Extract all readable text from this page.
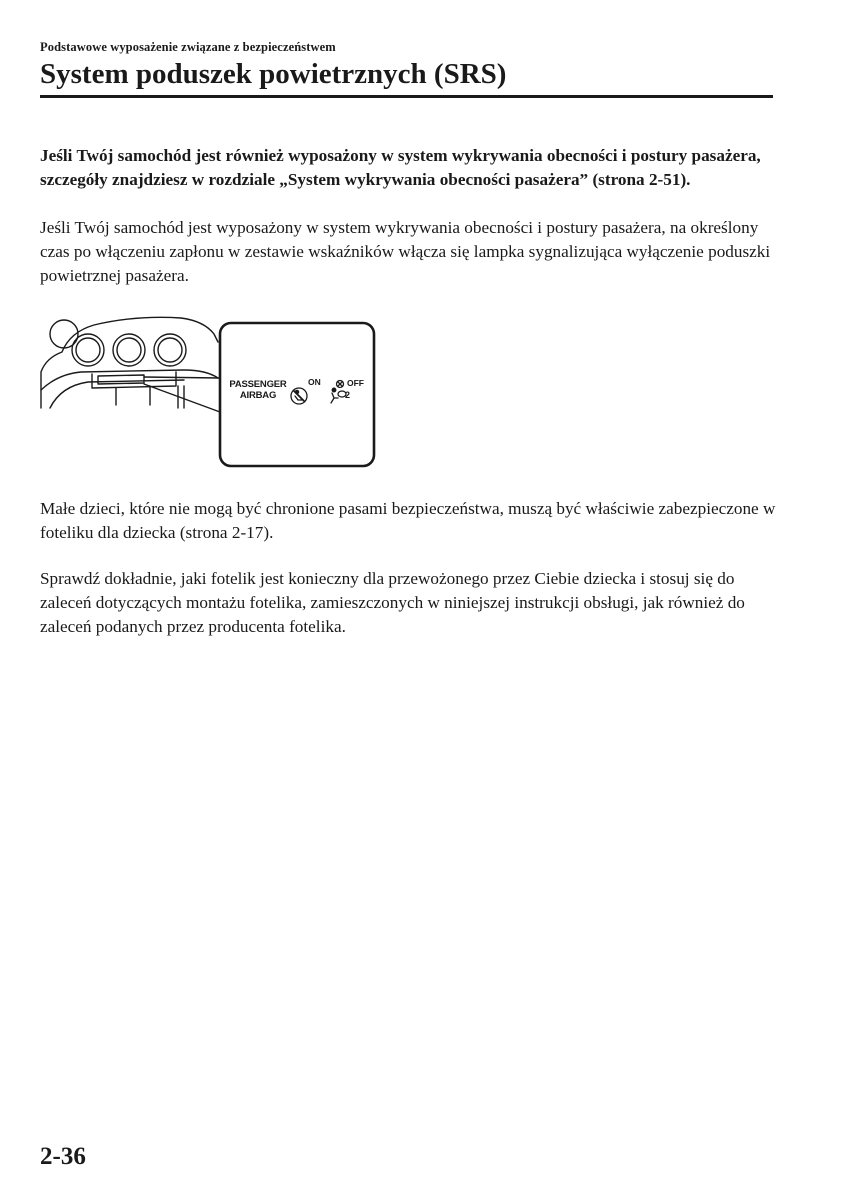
Podstawowe wyposażenie związane z bezpieczeństwem
System poduszek powietrznych (SRS)
Jeśli Twój samochód jest również wyposażony w system wykrywania obecności i postury pasażera, szczegóły znajdziesz w rozdziale „System wykrywania obecności pasażera” (strona 2-51).
Jeśli Twój samochód jest wyposażony w system wykrywania obecności i postury pasażera, na określony czas po włączeniu zapłonu w zestawie wskaźników włącza się lampka sygnalizująca wyłączenie poduszki powietrznej pasażera.
PASSENGER
AIRBAG
ON	OFF
2
Małe dzieci, które nie mogą być chronione pasami bezpieczeństwa, muszą być właściwie zabezpieczone w foteliku dla dziecka (strona 2-17).
Sprawdź dokładnie, jaki fotelik jest konieczny dla przewożonego przez Ciebie dziecka i stosuj się do zaleceń dotyczących montażu fotelika, zamieszczonych w niniejszej instrukcji obsługi, jak również do zaleceń podanych przez producenta fotelika.
2-36
